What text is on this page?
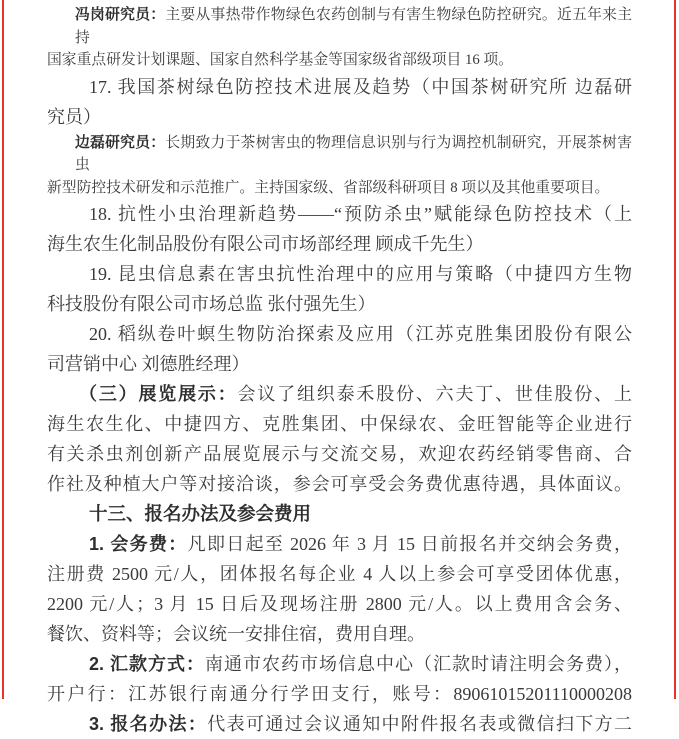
冯岗研究员：主要从事热带作物绿色农药创制与有害生物绿色防控研究。近五年来主持
国家重点研发计划课题、国家自然科学基金等国家级省部级项目 16 项。

17. 我国茶树绿色防控技术进展及趋势（中国茶树研究所 边磊研
究员）

边磊研究员：长期致力于茶树害虫的物理信息识别与行为调控机制研究，开展茶树害虫
新型防控技术研发和示范推广。主持国家级、省部级科研项目 8 项以及其他重要项目。

18. 抗性小虫治理新趋势——“预防杀虫”赋能绿色防控技术（上
海生农生化制品股份有限公司市场部经理 顾成千先生）

19. 昆虫信息素在害虫抗性治理中的应用与策略（中捷四方生物
科技股份有限公司市场总监 张付强先生）

20. 稻纵卷叶螟生物防治探索及应用（江苏克胜集团股份有限公
司营销中心 刘德胜经理）

（三）展览展示：会议了组织泰禾股份、六夫丁、世佳股份、上
海生农生化、中捷四方、克胜集团、中保绿农、金旺智能等企业进行
有关杀虫剂创新产品展览展示与交流交易，欢迎农药经销零售商、合
作社及种植大户等对接洽谈，参会可享受会务费优惠待遇，具体面议。

十三、报名办法及参会费用

1. 会务费：凡即日起至 2026 年 3 月 15 日前报名并交纳会务费，
注册费 2500 元/人，团体报名每企业 4 人以上参会可享受团体优惠，
2200 元/人；3 月 15 日后及现场注册 2800 元/人。以上费用含会务、
餐饮、资料等；会议统一安排住宿，费用自理。

2. 汇款方式：南通市农药市场信息中心（汇款时请注明会务费），
开户行：江苏银行南通分行学田支行，账号：89061015201110000208

3. 报名办法：代表可通过会议通知中附件报名表或微信扫下方二
